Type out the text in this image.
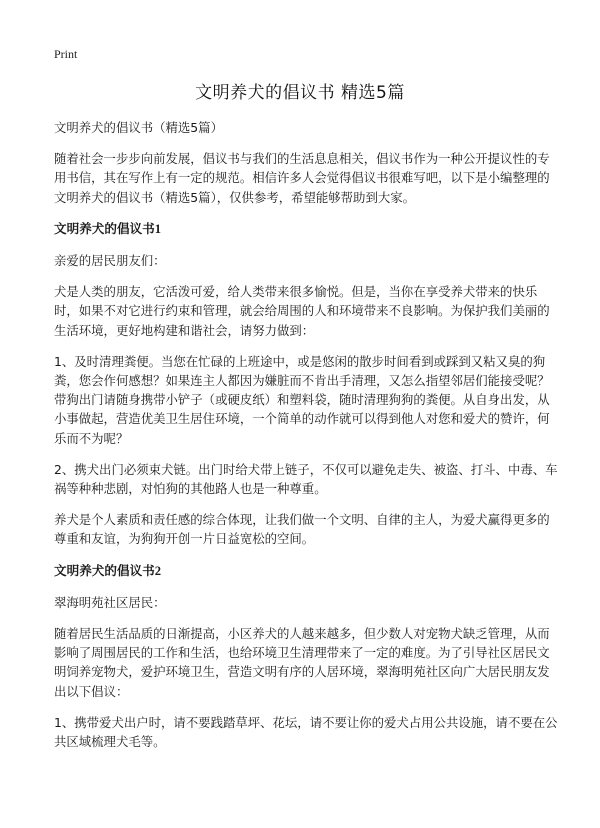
Print
文明养犬的倡议书 精选5篇

文明养犬的倡议书（精选5篇）

随着社会一步步向前发展，倡议书与我们的生活息息相关，倡议书作为一种公开提议性的专用书信，其在写作上有一定的规范。相信许多人会觉得倡议书很难写吧，以下是小编整理的文明养犬的倡议书（精选5篇），仅供参考，希望能够帮助到大家。

文明养犬的倡议书1

亲爱的居民朋友们：

犬是人类的朋友，它活泼可爱，给人类带来很多愉悦。但是，当你在享受养犬带来的快乐时，如果不对它进行约束和管理，就会给周围的人和环境带来不良影响。为保护我们美丽的生活环境，更好地构建和谐社会，请努力做到：

1、及时清理粪便。当您在忙碌的上班途中，或是悠闲的散步时间看到或踩到又粘又臭的狗粪，您会作何感想？如果连主人都因为嫌脏而不肯出手清理，又怎么指望邻居们能接受呢？带狗出门请随身携带小铲子（或硬皮纸）和塑料袋，随时清理狗狗的粪便。从自身出发，从小事做起，营造优美卫生居住环境，一个简单的动作就可以得到他人对您和爱犬的赞许，何乐而不为呢？

2、携犬出门必须束犬链。出门时给犬带上链子，不仅可以避免走失、被盗、打斗、中毒、车祸等种种悲剧，对怕狗的其他路人也是一种尊重。

养犬是个人素质和责任感的综合体现，让我们做一个文明、自律的主人，为爱犬赢得更多的尊重和友谊，为狗狗开创一片日益宽松的空间。

文明养犬的倡议书2

翠海明苑社区居民：

随着居民生活品质的日渐提高，小区养犬的人越来越多，但少数人对宠物犬缺乏管理，从而影响了周围居民的工作和生活，也给环境卫生清理带来了一定的难度。为了引导社区居民文明饲养宠物犬，爱护环境卫生，营造文明有序的人居环境，翠海明苑社区向广大居民朋友发出以下倡议：

1、携带爱犬出户时，请不要践踏草坪、花坛，请不要让你的爱犬占用公共设施，请不要在公共区域梳理犬毛等。
